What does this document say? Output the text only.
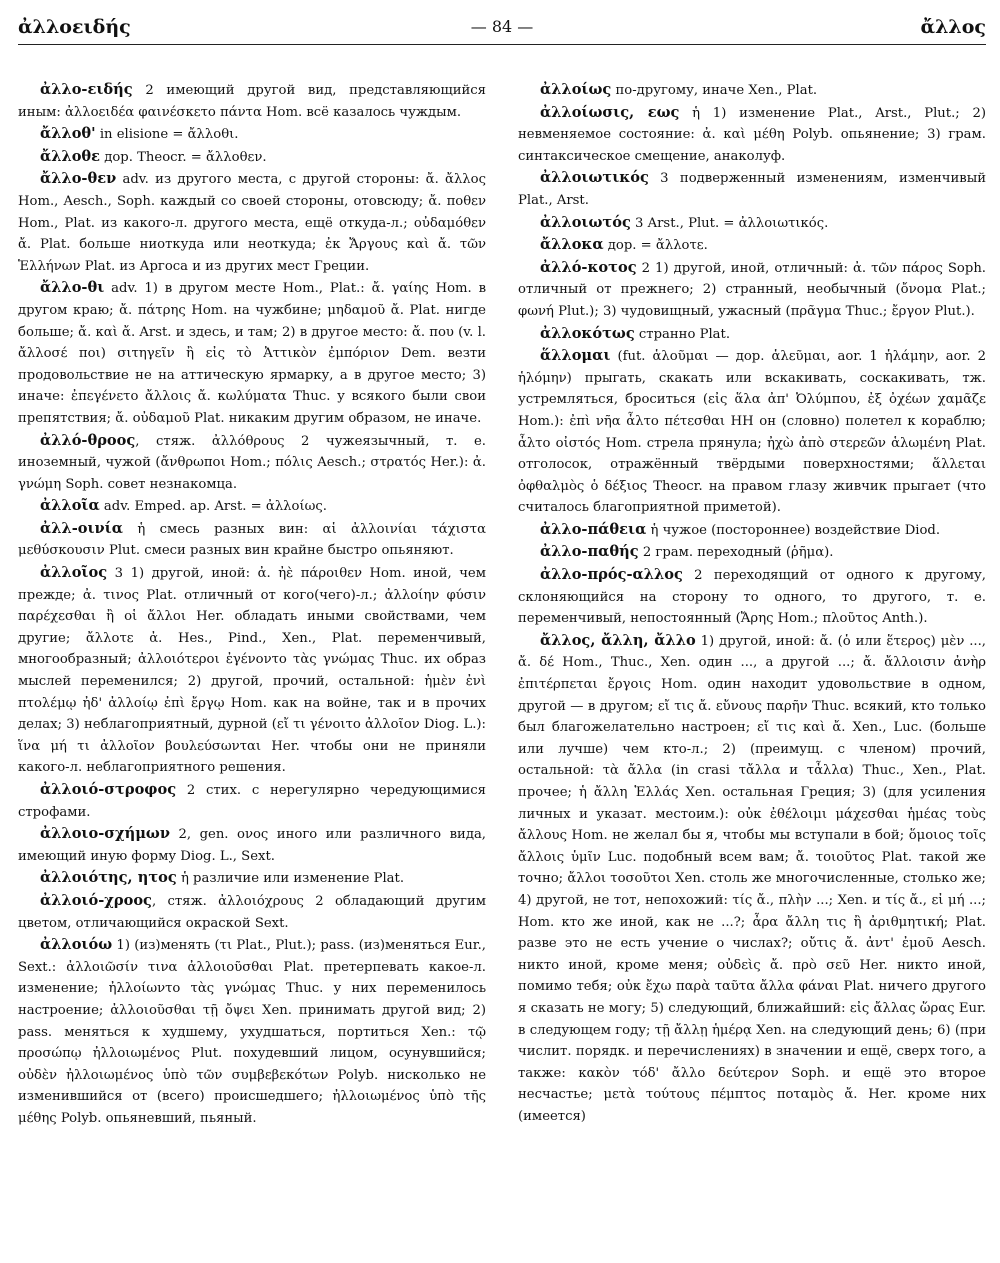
ἀλλοειδής	— 84 —	ἄλλος

ἀλλο-ειδής 2 имеющий другой вид, представляющийся иным: ἀλλοειδέα φαινέσκετο πάντα Hom. всё казалось чуждым.

ἄλλοθ' in elisione = ἄλλοθι.

ἄλλοθε дор. Theocr. = ἄλλοθεν.

ἄλλο-θεν adv. из другого места, с другой стороны: ἄ. ἄλλος Hom., Aesch., Soph. каждый со своей стороны, отовсюду; ἄ. ποθεν Hom., Plat. из какого-л. другого места, ещё откуда-л.; οὐδαμόθεν ἄ. Plat. больше ниоткуда или неоткуда; ἐκ Ἄργους καὶ ἄ. τῶν Ἑλλήνων Plat. из Аргоса и из других мест Греции.

ἄλλο-θι adv. 1) в другом месте Hom., Plat.: ἄ. γαίης Hom. в другом краю; ἄ. πάτρης Hom. на чужбине; μηδαμοῦ ἄ. Plat. нигде больше; ἄ. καὶ ἄ. Arst. и здесь, и там; 2) в другое место: ἄ. που (v. l. ἄλλοσέ ποι) σιτηγεῖν ἢ εἰς τὸ Ἀττικὸν ἐμπόριον Dem. везти продовольствие не на аттическую ярмарку, а в другое место; 3) иначе: ἐπεγένετο ἄλλοις ἄ. κωλύματα Thuc. у всякого были свои препятствия; ἄ. οὐδαμοῦ Plat. никаким другим образом, не иначе.

ἀλλό-θροος, стяж. ἀλλόθρους 2 чужеязычный, т. е. иноземный, чужой (ἄνθρωποι Hom.; πόλις Aesch.; στρατός Her.): ἀ. γνώμη Soph. совет незнакомца.

ἀλλοῖα adv. Emped. ap. Arst. = ἀλλοίως.

ἀλλ-οινία ἡ смесь разных вин: αἱ ἀλλοινίαι τάχιστα μεθύσκουσιν Plut. смеси разных вин крайне быстро опьяняют.

ἀλλοῖος 3 1) другой, иной: ἀ. ἠὲ πάροιθεν Hom. иной, чем прежде; ἀ. τινος Plat. отличный от кого(чего)-л.; ἀλλοίην φύσιν παρέχεσθαι ἢ οἱ ἄλλοι Her. обладать иными свойствами, чем другие; ἄλλοτε ἀ. Hes., Pind., Xen., Plat. переменчивый, многообразный; ἀλλοιότεροι ἐγένοντο τὰς γνώμας Thuc. их образ мыслей переменился; 2) другой, прочий, остальной: ἡμὲν ἐνὶ πτολέμῳ ἠδ' ἀλλοίῳ ἐπὶ ἔργῳ Hom. как на войне, так и в прочих делах; 3) неблагоприятный, дурной (εἴ τι γένοιτο ἀλλοῖον Diog. L.): ἵνα μή τι ἀλλοῖον βουλεύσωνται Her. чтобы они не приняли какого-л. неблагоприятного решения.

ἀλλοιό-στροφος 2 стих. с нерегулярно чередующимися строфами.

ἀλλοιο-σχήμων 2, gen. ονος иного или различного вида, имеющий иную форму Diog. L., Sext.

ἀλλοιότης, ητος ἡ различие или изменение Plat.

ἀλλοιό-χροος, стяж. ἀλλοιόχρους 2 обладающий другим цветом, отличающийся окраской Sext.

ἀλλοιόω 1) (из)менять (τι Plat., Plut.); pass. (из)меняться Eur., Sext.: ἀλλοιῶσίν τινα ἀλλοιοῦσθαι Plat. претерпевать какое-л. изменение; ἠλλοίωντο τὰς γνώμας Thuc. у них переменилось настроение; ἀλλοιοῦσθαι τῇ ὄψει Xen. принимать другой вид; 2) pass. меняться к худшему, ухудшаться, портиться Xen.: τῷ προσώπῳ ἠλλοιωμένος Plut. похудевший лицом, осунувшийся; οὐδὲν ἠλλοιωμένος ὑπὸ τῶν συμβεβεκότων Polyb. нисколько не изменившийся от (всего) происшедшего; ἠλλοιωμένος ὑπὸ τῆς μέθης Polyb. опьяневший, пьяный.

ἀλλοίως по-другому, иначе Xen., Plat.

ἀλλοίωσις, εως ἡ 1) изменение Plat., Arst., Plut.; 2) невменяемое состояние: ἀ. καὶ μέθη Polyb. опьянение; 3) грам. синтаксическое смещение, анаколуф.

ἀλλοιωτικός 3 подверженный изменениям, изменчивый Plat., Arst.

ἀλλοιωτός 3 Arst., Plut. = ἀλλοιωτικός.

ἄλλοκα дор. = ἄλλοτε.

ἀλλό-κοτος 2 1) другой, иной, отличный: ἀ. τῶν πάρος Soph. отличный от прежнего; 2) странный, необычный (ὄνομα Plat.; φωνή Plut.); 3) чудовищный, ужасный (πρᾶγμα Thuc.; ἔργον Plut.).

ἀλλοκότως странно Plat.

ἅλλομαι (fut. ἁλοῦμαι — дор. ἁλεῦμαι, aor. 1 ἡλάμην, aor. 2 ἡλόμην) прыгать, скакать или вскакивать, соскакивать, тж. устремляться, броситься (εἰς ἅλα ἀπ' Ὀλύμπου, ἐξ ὀχέων χαμᾶζε Hom.): ἐπὶ νῆα ἆλτο πέτεσθαι HH он (словно) полетел к кораблю; ἆλτο οἰστός Hom. стрела прянула; ἠχὼ ἀπὸ στερεῶν ἁλωμένη Plat. отголосок, отражённый твёрдыми поверхностями; ἅλλεται ὀφθαλμὸς ὁ δέξιος Theocr. на правом глазу живчик прыгает (что считалось благоприятной приметой).

ἀλλο-πάθεια ἡ чужое (постороннее) воздействие Diod.

ἀλλο-παθής 2 грам. переходный (ῥῆμα).

ἀλλο-πρός-αλλος 2 переходящий от одного к другому, склоняющийся на сторону то одного, то другого, т. е. переменчивый, непостоянный (Ἄρης Hom.; πλοῦτος Anth.).

ἄλλος, ἄλλη, ἄλλο 1) другой, иной: ἄ. (ὁ или ἕτερος) μὲν ..., ἄ. δέ Hom., Thuc., Xen. один ..., а другой ...; ἄ. ἄλλοισιν ἀνὴρ ἐπιτέρπεται ἔργοις Hom. один находит удовольствие в одном, другой — в другом; εἴ τις ἄ. εὔνους παρῆν Thuc. всякий, кто только был благожелательно настроен; εἴ τις καὶ ἄ. Xen., Luc. (больше или лучше) чем кто-л.; 2) (преимущ. с членом) прочий, остальной: τὰ ἄλλα (in crasi τἄλλα и τἆλλα) Thuc., Xen., Plat. прочее; ἡ ἄλλη Ἑλλάς Xen. остальная Греция; 3) (для усиления личных и указат. местоим.): οὐκ ἐθέλοιμι μάχεσθαι ἡμέας τοὺς ἄλλους Hom. не желал бы я, чтобы мы вступали в бой; ὅμοιος τοῖς ἄλλοις ὑμῖν Luc. подобный всем вам; ἄ. τοιοῦτος Plat. такой же точно; ἄλλοι τοσοῦτοι Xen. столь же многочисленные, столько же; 4) другой, не тот, непохожий: τίς ἄ., πλὴν ...; Xen. и τίς ἄ., εἰ μή ...; Hom. кто же иной, как не ...?; ἆρα ἄλλη τις ἢ ἀριθμητική; Plat. разве это не есть учение о числах?; οὔτις ἄ. ἀντ' ἐμοῦ Aesch. никто иной, кроме меня; οὐδεὶς ἄ. πρὸ σεῦ Her. никто иной, помимо тебя; οὐκ ἔχω παρὰ ταῦτα ἄλλα φάναι Plat. ничего другого я сказать не могу; 5) следующий, ближайший: εἰς ἄλλας ὥρας Eur. в следующем году; τῇ ἄλλῃ ἡμέρᾳ Xen. на следующий день; 6) (при числит. порядк. и перечислениях) в значении и ещё, сверх того, а также: κακὸν τόδ' ἄλλο δεύτερον Soph. и ещё это второе несчастье; μετὰ τούτους πέμπτος ποταμὸς ἄ. Her. кроме них (имеется)
